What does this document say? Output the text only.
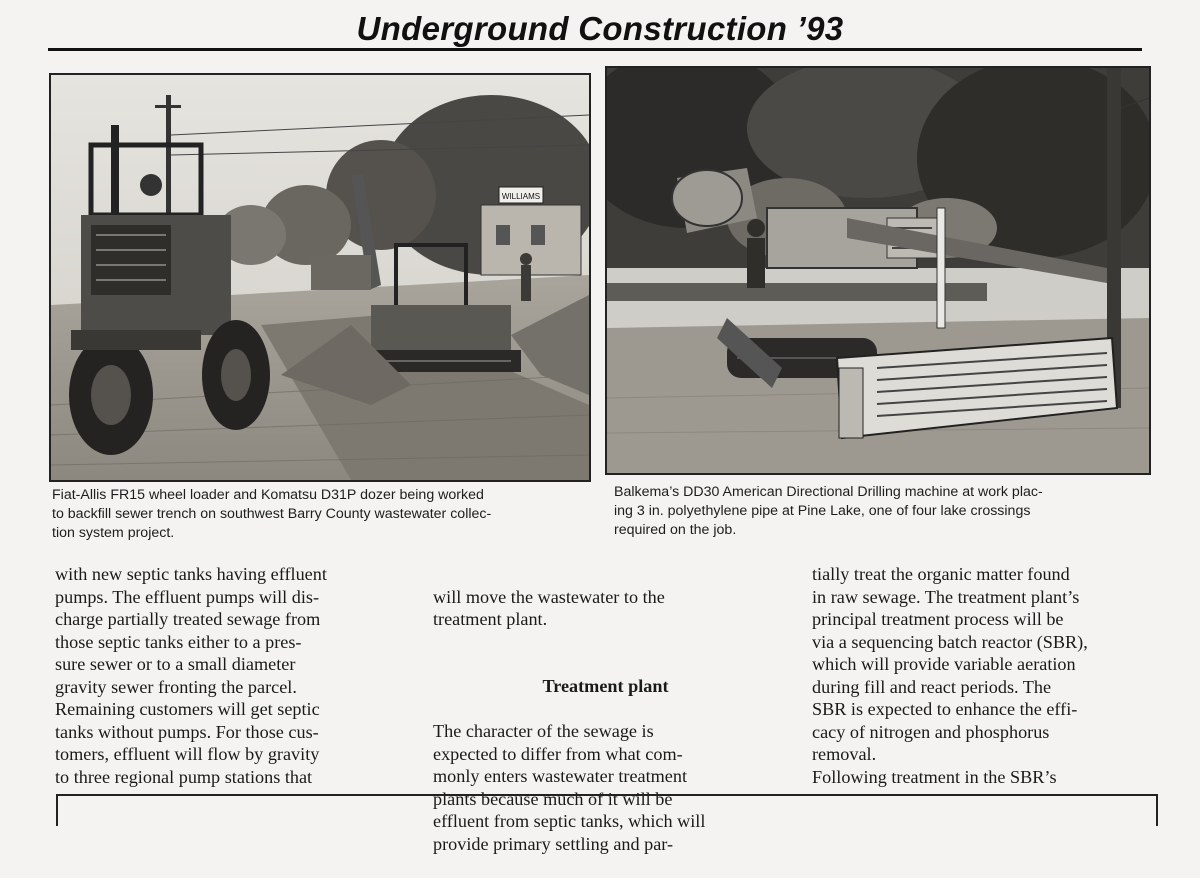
Underground Construction ’93
WILLIAMS
Fiat-Allis FR15 wheel loader and Komatsu D31P dozer being worked
to backfill sewer trench on southwest Barry County wastewater collec-
tion system project.
Balkema’s DD30 American Directional Drilling machine at work plac-
ing 3 in. polyethylene pipe at Pine Lake, one of four lake crossings
required on the job.
with new septic tanks having effluent
pumps. The effluent pumps will dis-
charge partially treated sewage from
those septic tanks either to a pres-
sure sewer or to a small diameter
gravity sewer fronting the parcel.
Remaining customers will get septic
tanks without pumps. For those cus-
tomers, effluent will flow by gravity
to three regional pump stations that

will move the wastewater to the
treatment plant.

Treatment plant

The character of the sewage is
expected to differ from what com-
monly enters wastewater treatment
plants because much of it will be
effluent from septic tanks, which will
provide primary settling and par-

tially treat the organic matter found
in raw sewage. The treatment plant’s
principal treatment process will be
via a sequencing batch reactor (SBR),
which will provide variable aeration
during fill and react periods. The
SBR is expected to enhance the effi-
cacy of nitrogen and phosphorus
removal.
Following treatment in the SBR’s
